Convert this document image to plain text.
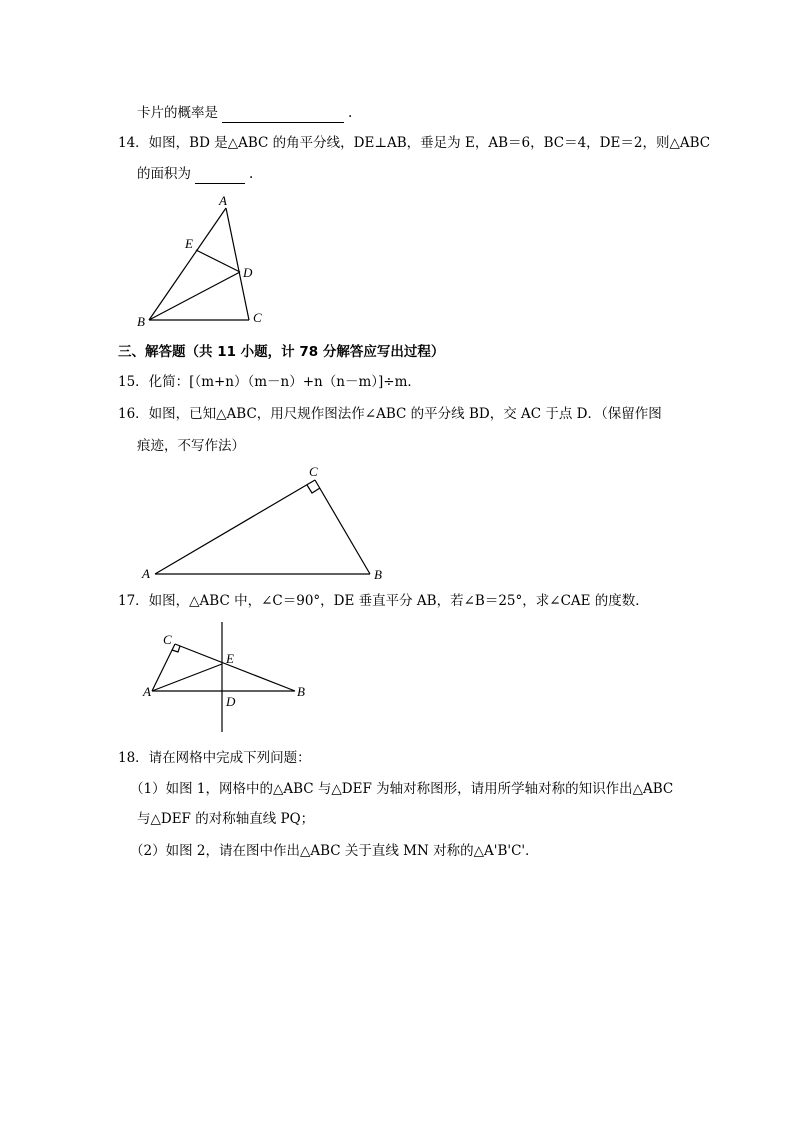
卡片的概率是	.
14．如图，BD 是△ABC 的角平分线，DE⊥AB，垂足为 E，AB＝6，BC＝4，DE＝2，则△ABC
的面积为	.
A
E
D
B	C
三、解答题（共 11 小题，计 78 分解答应写出过程）
15．化简：[（m+n）（m－n）+n（n－m）]÷m．
16．如图，已知△ABC，用尺规作图法作∠ABC 的平分线 BD，交 AC 于点 D．（保留作图
痕迹，不写作法）
C
A	B
17．如图，△ABC 中，∠C＝90°，DE 垂直平分 AB，若∠B＝25°，求∠CAE 的度数．
C
E
A
D
B
18．请在网格中完成下列问题：
（1）如图 1，网格中的△ABC 与△DEF 为轴对称图形，请用所学轴对称的知识作出△ABC
与△DEF 的对称轴直线 PQ；
（2）如图 2，请在图中作出△ABC 关于直线 MN 对称的△A'B'C'．
